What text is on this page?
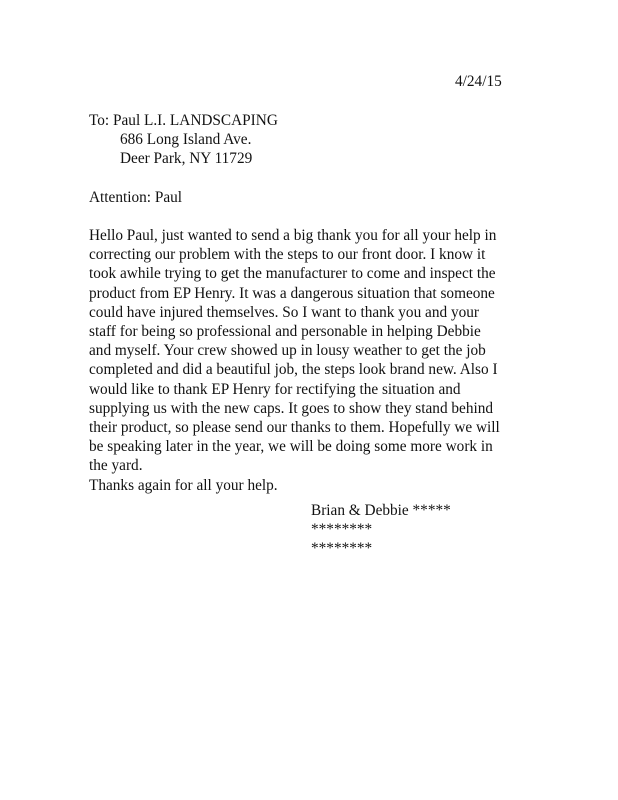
4/24/15
To: Paul L.I. LANDSCAPING
686 Long Island Ave.
Deer Park, NY 11729
Attention: Paul
Hello Paul, just wanted to send a big thank you for all your help in
correcting our problem with the steps to our front door. I know it
took awhile trying to get the manufacturer to come and inspect the
product from EP Henry. It was a dangerous situation that someone
could have injured themselves. So I want to thank you and your
staff for being so professional and personable in helping Debbie
and myself. Your crew showed up in lousy weather to get the job
completed and did a beautiful job, the steps look brand new. Also I
would like to thank EP Henry for rectifying the situation and
supplying us with the new caps. It goes to show they stand behind
their product, so please send our thanks to them. Hopefully we will
be speaking later in the year, we will be doing some more work in
the yard.
Thanks again for all your help.
Brian & Debbie *****
********
********
